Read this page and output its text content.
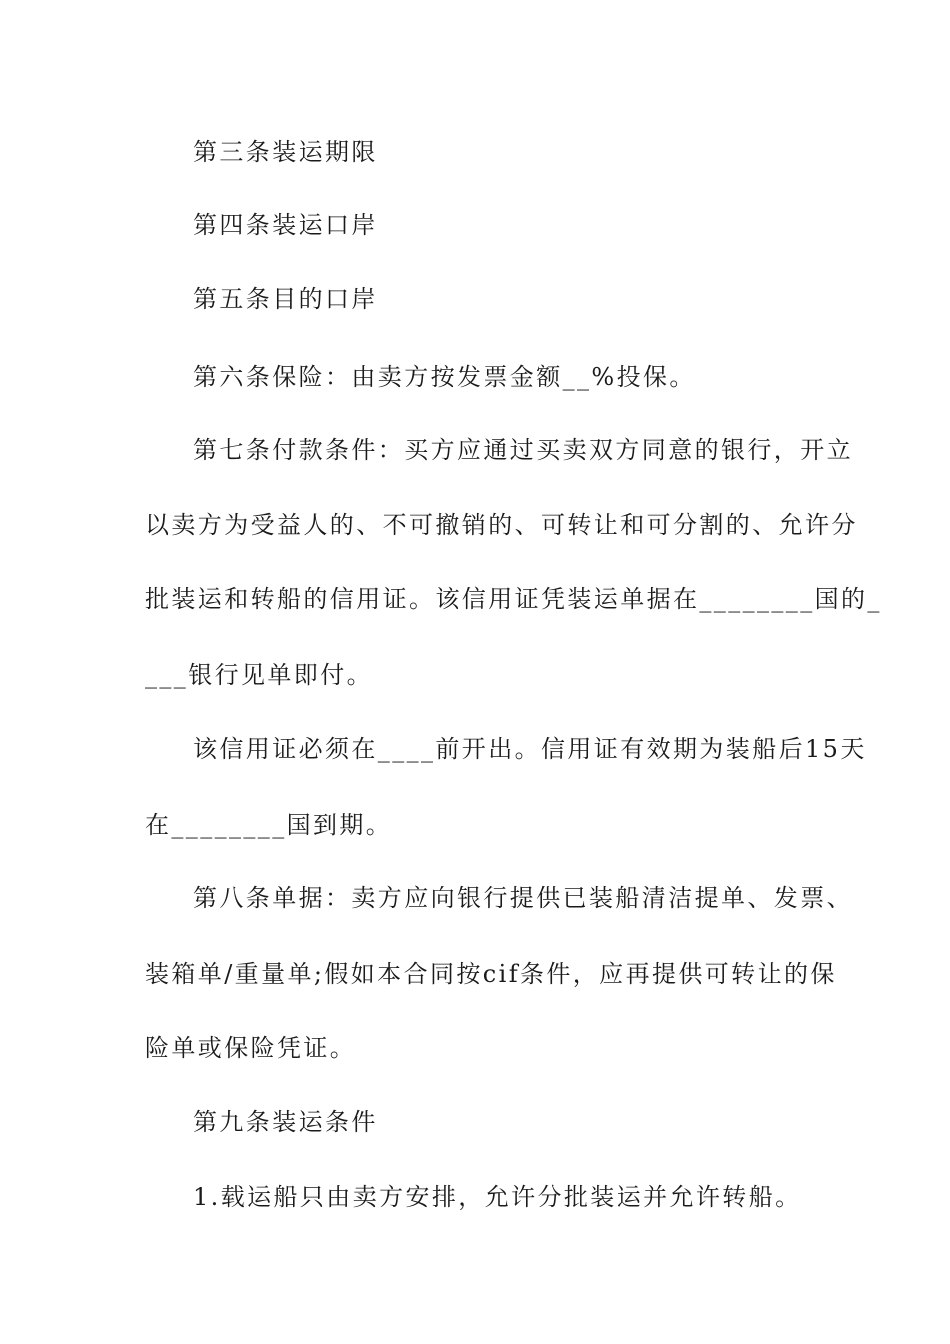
第三条装运期限
第四条装运口岸
第五条目的口岸
第六条保险：由卖方按发票金额__%投保。
第七条付款条件：买方应通过买卖双方同意的银行，开立
以卖方为受益人的、不可撤销的、可转让和可分割的、允许分
批装运和转船的信用证。该信用证凭装运单据在________国的_
___银行见单即付。
该信用证必须在____前开出。信用证有效期为装船后15天
在________国到期。
第八条单据：卖方应向银行提供已装船清洁提单、发票、
装箱单/重量单;假如本合同按cif条件，应再提供可转让的保
险单或保险凭证。
第九条装运条件
1.载运船只由卖方安排，允许分批装运并允许转船。
